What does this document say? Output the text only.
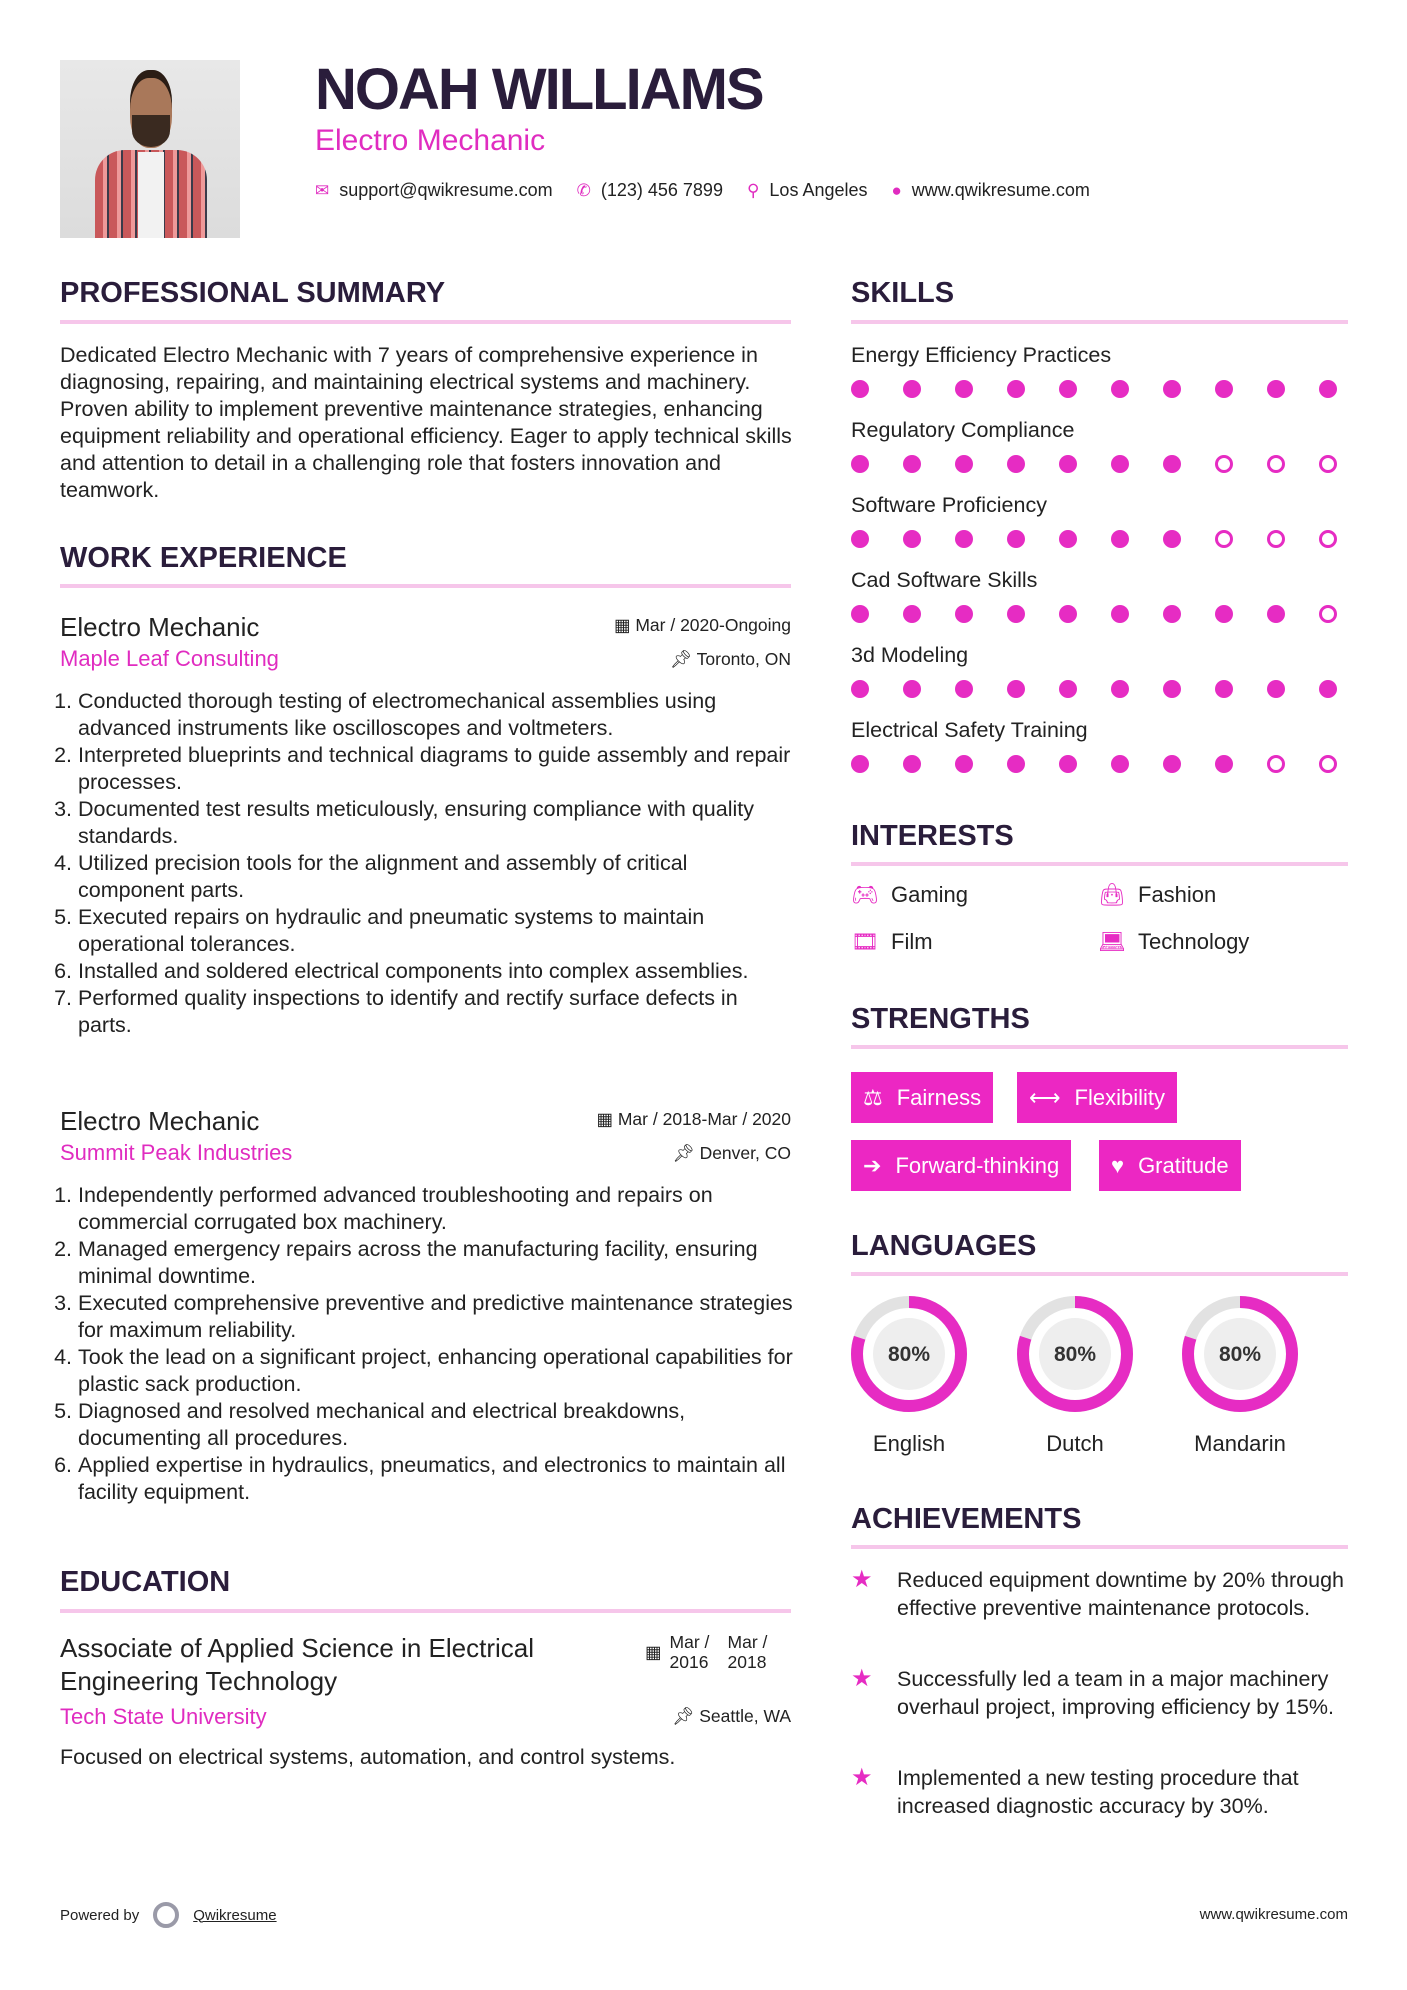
NOAH WILLIAMS
Electro Mechanic
✉ support@qwikresume.com ✆ (123) 456 7899 ⚲ Los Angeles ● www.qwikresume.com
PROFESSIONAL SUMMARY
Dedicated Electro Mechanic with 7 years of comprehensive experience in diagnosing, repairing, and maintaining electrical systems and machinery. Proven ability to implement preventive maintenance strategies, enhancing equipment reliability and operational efficiency. Eager to apply technical skills and attention to detail in a challenging role that fosters innovation and teamwork.
WORK EXPERIENCE
Electro Mechanic	▦ Mar / 2020-Ongoing
Maple Leaf Consulting	📌︎ Toronto, ON
1. Conducted thorough testing of electromechanical assemblies using advanced instruments like oscilloscopes and voltmeters.
2. Interpreted blueprints and technical diagrams to guide assembly and repair processes.
3. Documented test results meticulously, ensuring compliance with quality standards.
4. Utilized precision tools for the alignment and assembly of critical component parts.
5. Executed repairs on hydraulic and pneumatic systems to maintain operational tolerances.
6. Installed and soldered electrical components into complex assemblies.
7. Performed quality inspections to identify and rectify surface defects in parts.
Electro Mechanic	▦ Mar / 2018-Mar / 2020
Summit Peak Industries	📌︎ Denver, CO
1. Independently performed advanced troubleshooting and repairs on commercial corrugated box machinery.
2. Managed emergency repairs across the manufacturing facility, ensuring minimal downtime.
3. Executed comprehensive preventive and predictive maintenance strategies for maximum reliability.
4. Took the lead on a significant project, enhancing operational capabilities for plastic sack production.
5. Diagnosed and resolved mechanical and electrical breakdowns, documenting all procedures.
6. Applied expertise in hydraulics, pneumatics, and electronics to maintain all facility equipment.
EDUCATION
Associate of Applied Science in Electrical Engineering Technology
▦ Mar / 2016
Mar / 2018
Tech State University	📌︎ Seattle, WA
Focused on electrical systems, automation, and control systems.
SKILLS
Energy Efficiency Practices
Regulatory Compliance
Software Proficiency
Cad Software Skills
3d Modeling
Electrical Safety Training
INTERESTS
🎮︎ Gaming	👜︎ Fashion
🎞︎ Film	💻︎ Technology
STRENGTHS
⚖ Fairness ⟷ Flexibility
➔ Forward-thinking ♥ Gratitude
LANGUAGES
80%
English
80%
Dutch
80%
Mandarin
ACHIEVEMENTS
★	Reduced equipment downtime by 20% through effective preventive maintenance protocols.
★	Successfully led a team in a major machinery overhaul project, improving efficiency by 15%.
★	Implemented a new testing procedure that increased diagnostic accuracy by 30%.
Powered by	Qwikresume	www.qwikresume.com
